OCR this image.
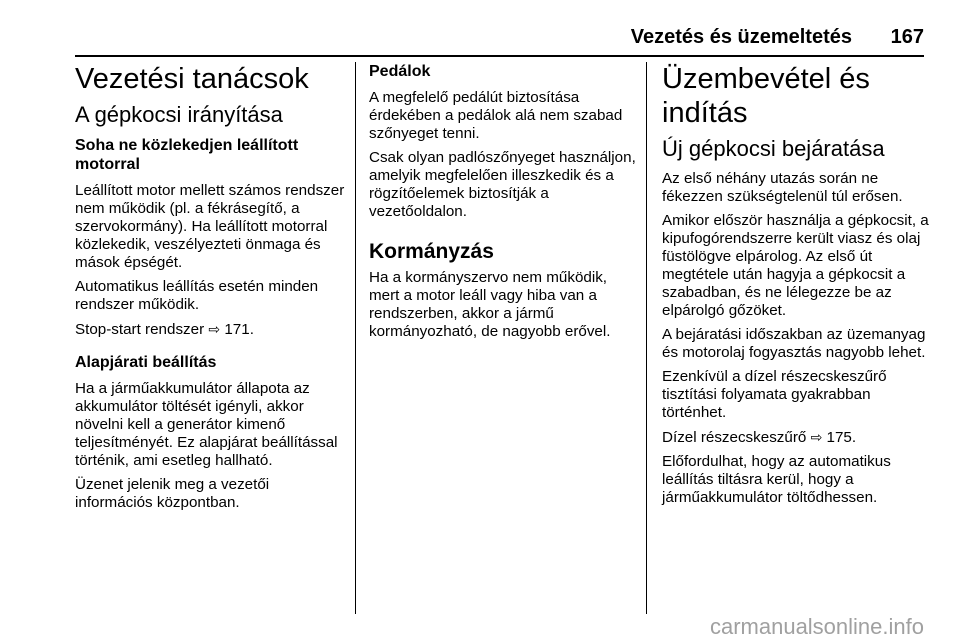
Vezetés és üzemeltetés 167
Vezetési tanácsok
A gépkocsi irányítása
Soha ne közlekedjen leállított motorral

Leállított motor mellett számos rendszer nem működik (pl. a fékrásegítő, a szervokormány). Ha leállított motorral közlekedik, veszélyezteti önmaga és mások épségét.

Automatikus leállítás esetén minden rendszer működik.

Stop-start rendszer ⇨ 171.

Alapjárati beállítás

Ha a járműakkumulátor állapota az akkumulátor töltését igényli, akkor növelni kell a generátor kimenő teljesítményét. Ez alapjárat beállítással történik, ami esetleg hallható.

Üzenet jelenik meg a vezetői információs központban.

Pedálok

A megfelelő pedálút biztosítása érdekében a pedálok alá nem szabad szőnyeget tenni.

Csak olyan padlószőnyeget használjon, amelyik megfelelően illeszkedik és a rögzítőelemek biztosítják a vezetőoldalon.

Kormányzás

Ha a kormányszervo nem működik, mert a motor leáll vagy hiba van a rendszerben, akkor a jármű kormányozható, de nagyobb erővel.

Üzembevétel és indítás
Új gépkocsi bejáratása

Az első néhány utazás során ne fékezzen szükségtelenül túl erősen.

Amikor először használja a gépkocsit, a kipufogórendszerre került viasz és olaj füstölögve elpárolog. Az első út megtétele után hagyja a gépkocsit a szabadban, és ne lélegezze be az elpárolgó gőzöket.

A bejáratási időszakban az üzemanyag és motorolaj fogyasztás nagyobb lehet.

Ezenkívül a dízel részecskeszűrő tisztítási folyamata gyakrabban történhet.

Dízel részecskeszűrő ⇨ 175.

Előfordulhat, hogy az automatikus leállítás tiltásra kerül, hogy a járműakkumulátor töltődhessen.

carmanualsonline.info
